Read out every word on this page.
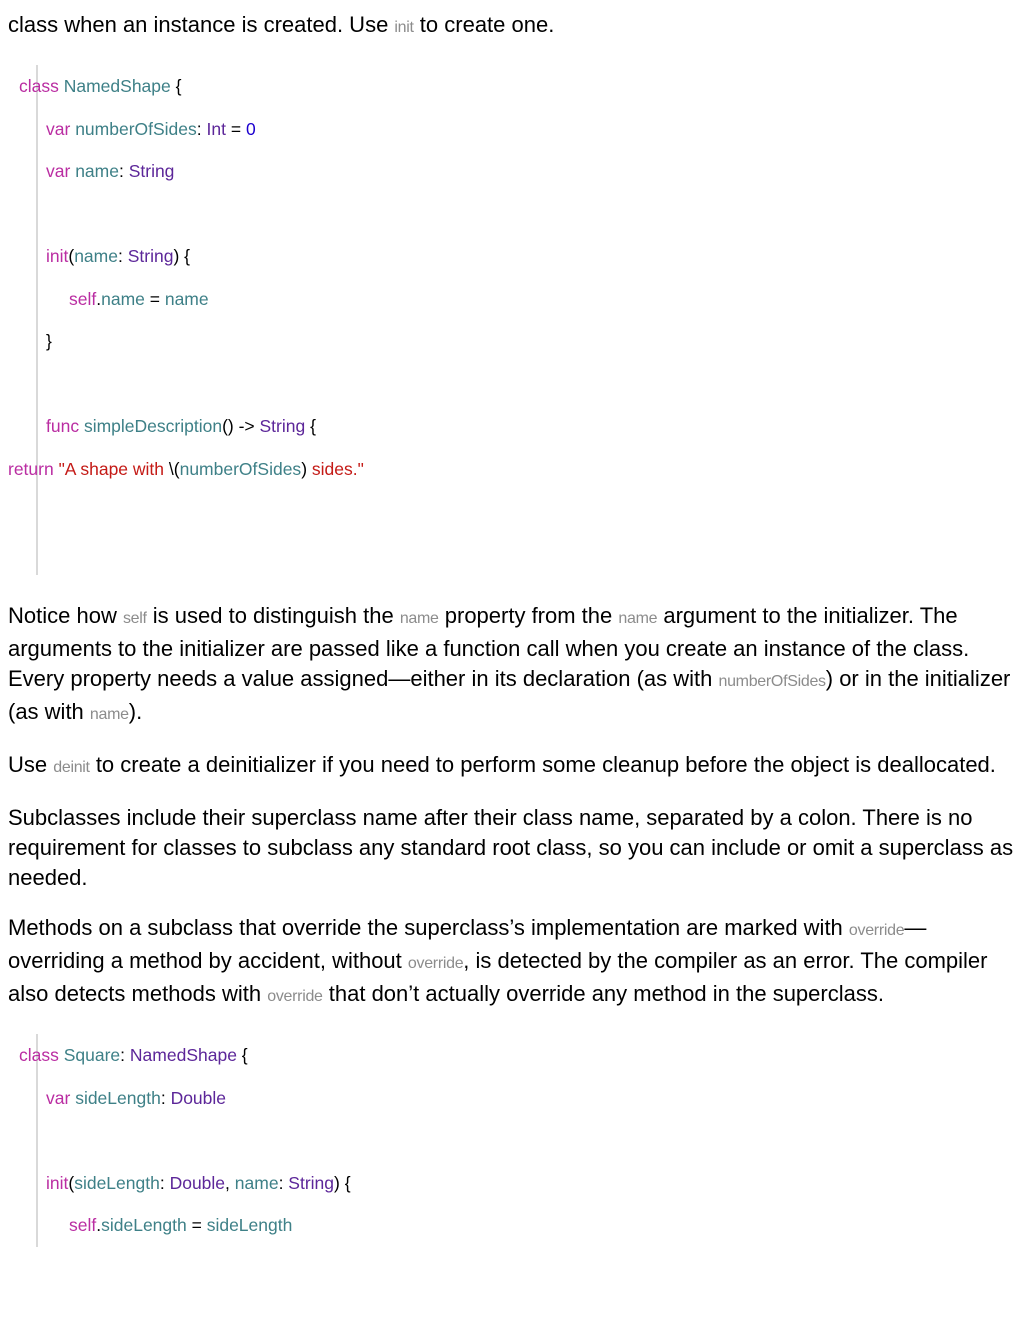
class when an instance is created. Use init to create one.

class NamedShape {
var numberOfSides: Int = 0
var name: String

init(name: String) {
self.name = name
}

func simpleDescription() -> String {
return "A shape with \(numberOfSides) sides."

Notice how self is used to distinguish the name property from the name argument to the initializer. The arguments to the initializer are passed like a function call when you create an instance of the class. Every property needs a value assigned—either in its declaration (as with numberOfSides) or in the initializer (as with name).

Use deinit to create a deinitializer if you need to perform some cleanup before the object is deallocated.

Subclasses include their superclass name after their class name, separated by a colon. There is no requirement for classes to subclass any standard root class, so you can include or omit a superclass as needed.

Methods on a subclass that override the superclass’s implementation are marked with override—overriding a method by accident, without override, is detected by the compiler as an error. The compiler also detects methods with override that don’t actually override any method in the superclass.

class Square: NamedShape {
var sideLength: Double

init(sideLength: Double, name: String) {
self.sideLength = sideLength
